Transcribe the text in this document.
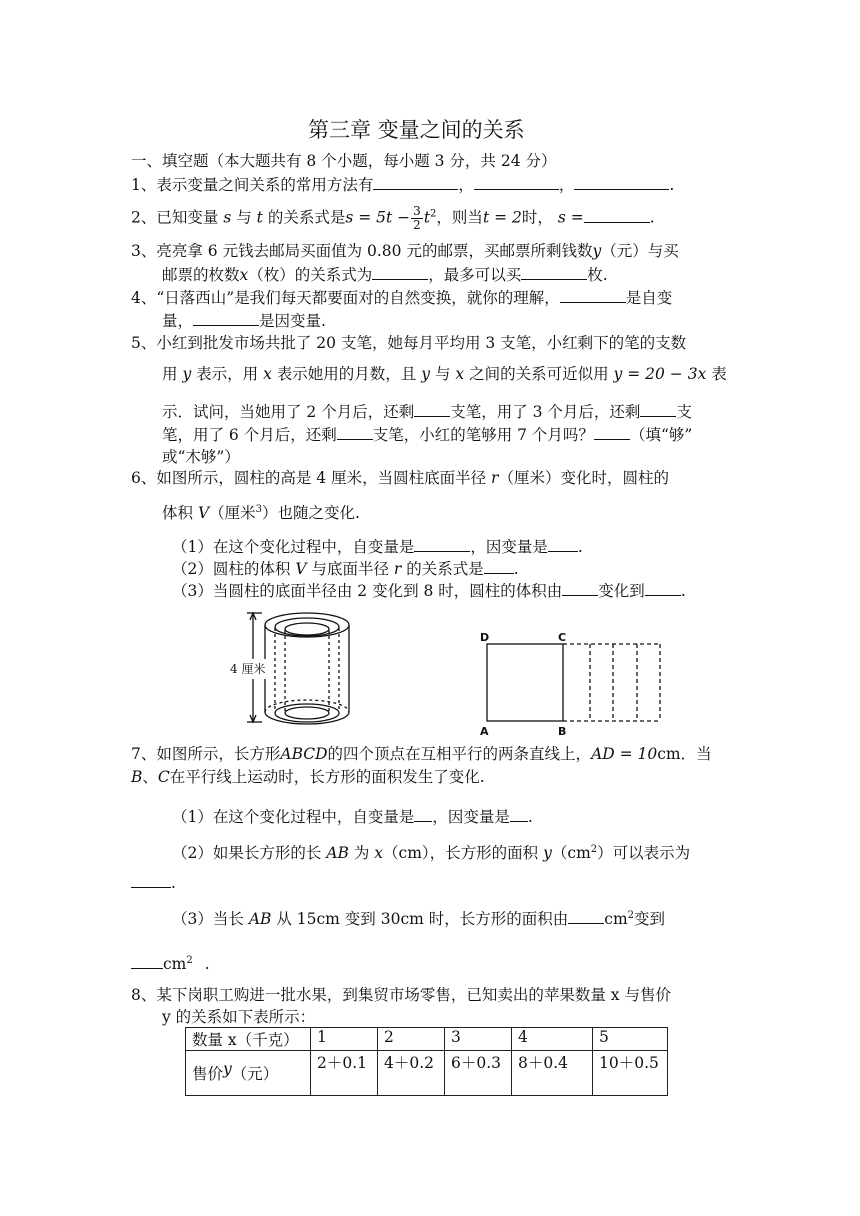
第三章 变量之间的关系
一、填空题（本大题共有 8 个小题，每小题 3 分，共 24 分）
1、表示变量之间关系的常用方法有	，	，	.
2、已知变量 s 与 t 的关系式是$s = 5t - \frac{3}{2} t^2$，则当t = 2时， s =	.
3、亮亮拿 6 元钱去邮局买面值为 0.80 元的邮票，买邮票所剩钱数y（元）与买
邮票的枚数x（枚）的关系式为	，最多可以买	枚.
4、“日落西山”是我们每天都要面对的自然变换，就你的理解，	是自变
量，	是因变量.
5、小红到批发市场共批了 20 支笔，她每月平均用 3 支笔，小红剩下的笔的支数
用 y 表示，用 x 表示她用的月数，且 y 与 x 之间的关系可近似用 y = 20 − 3x 表
示．试问，当她用了 2 个月后，还剩 支笔，用了 3 个月后，还剩 支
笔，用了 6 个月后，还剩 支笔，小红的笔够用 7 个月吗？ （填“够”
或“木够”）
6、如图所示，圆柱的高是 4 厘米，当圆柱底面半径 r（厘米）变化时，圆柱的
体积 V（厘米$^3$）也随之变化.
（1）在这个变化过程中，自变量是	，因变量是 .
（2）圆柱的体积 V 与底面半径 r 的关系式是 .
（3）当圆柱的底面半径由 2 变化到 8 时，圆柱的体积由 变化到 .
4 厘米
D	C
A	B
7、如图所示，长方形ABCD的四个顶点在互相平行的两条直线上，AD = 10cm．当
B、C在平行线上运动时，长方形的面积发生了变化.
（1）在这个变化过程中，自变量是 ，因变量是 .
（2）如果长方形的长 AB 为 x（cm），长方形的面积 $y(cm^2)$可以表示为
.
（3）当长 AB 从 15cm 变到 30cm 时，长方形的面积由 $cm^2$变到
$cm^2$ .
8、某下岗职工购进一批水果，到集贸市场零售，已知卖出的苹果数量 x 与售价
y 的关系如下表所示：
数量 x（千克）	1	2	3	4	5
售价y（元）	2＋0.1	4＋0.2	6＋0.3	8＋0.4	10＋0.5
